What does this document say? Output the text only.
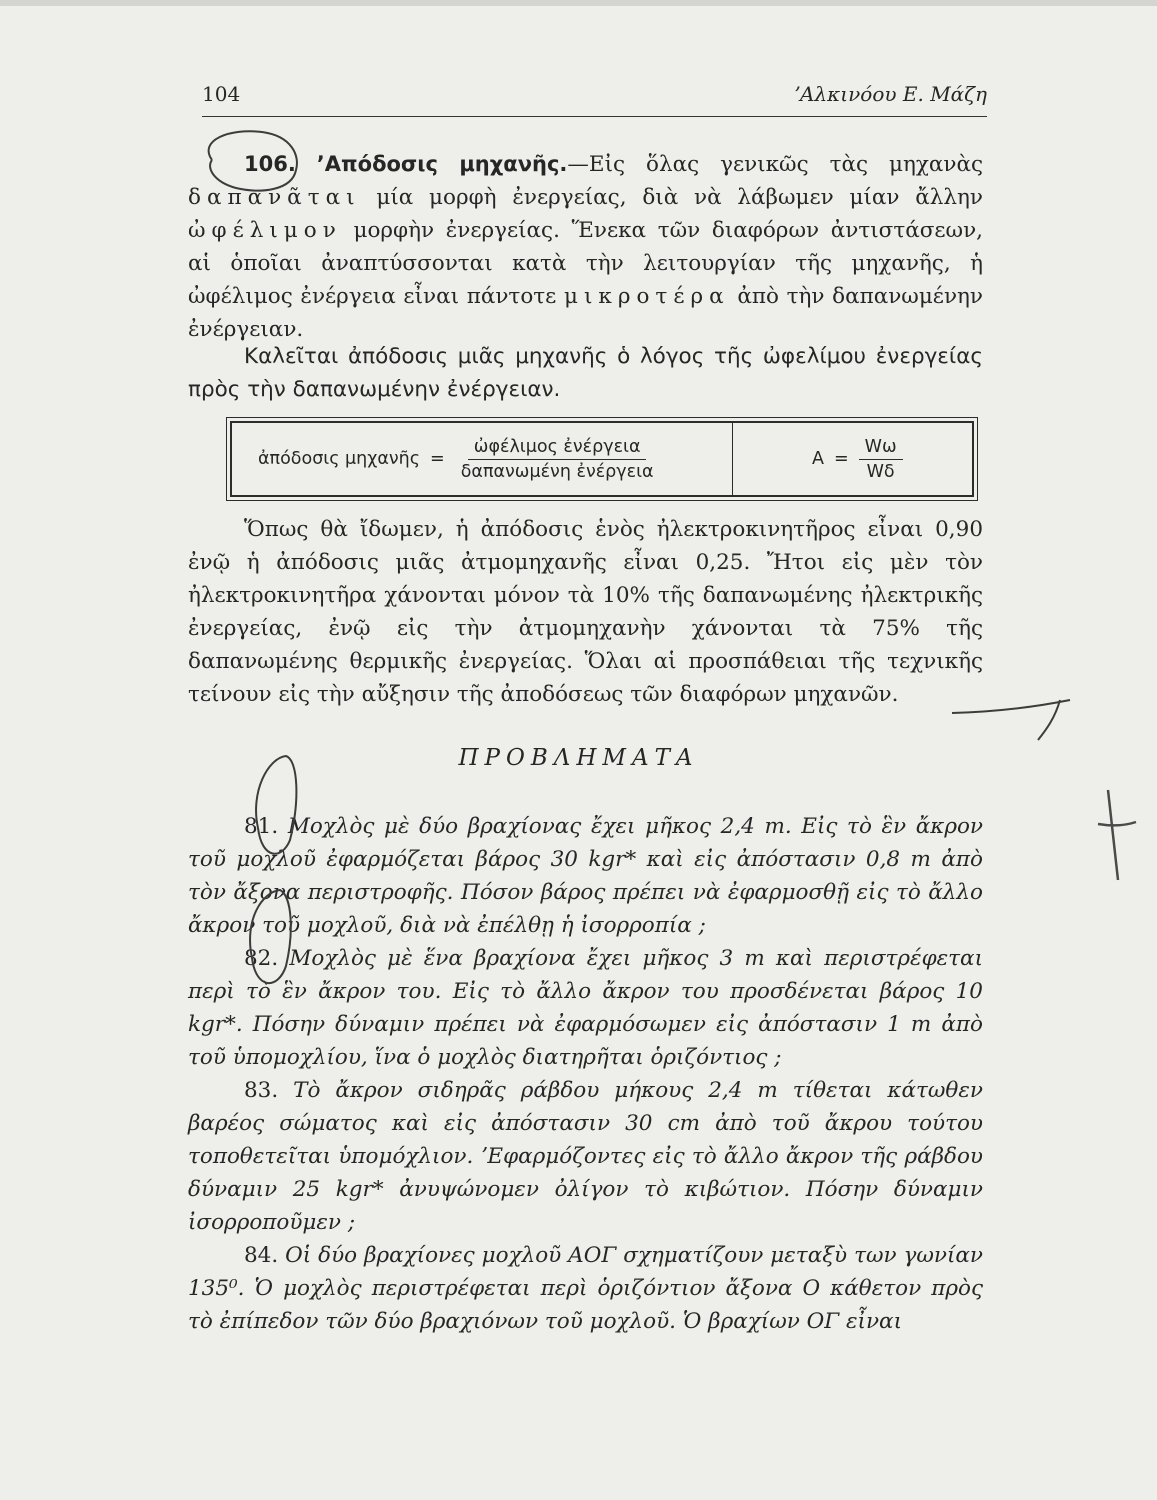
104	ʼΑλκινόου Ε. Μάζη

106. ʼΑπόδοσις μηχανῆς.—Εἰς ὅλας γενικῶς τὰς μηχανὰς δαπανᾶται μία μορφὴ ἐνεργείας, διὰ νὰ λάβωμεν μίαν ἄλλην ὠφέλιμον μορφὴν ἐνεργείας. Ἕνεκα τῶν διαφόρων ἀντιστάσεων, αἱ ὁποῖαι ἀναπτύσσονται κατὰ τὴν λειτουργίαν τῆς μηχανῆς, ἡ ὠφέλιμος ἐνέργεια εἶναι πάντοτε μικροτέρα ἀπὸ τὴν δαπανωμένην ἐνέργειαν.

Καλεῖται ἀπόδοσις μιᾶς μηχανῆς ὁ λόγος τῆς ὠφελίμου ἐνεργείας πρὸς τὴν δαπανωμένην ἐνέργειαν.

ἀπόδοσις μηχανῆς = $\frac{\text{ὠφέλιμος ἐνέργεια}}{\text{δαπανωμένη ἐνέργεια}}$	$A = \frac{W\omega}{W\delta}$

Ὅπως θὰ ἴδωμεν, ἡ ἀπόδοσις ἑνὸς ἠλεκτροκινητῆρος εἶναι 0,90 ἐνῷ ἡ ἀπόδοσις μιᾶς ἀτμομηχανῆς εἶναι 0,25. Ἤτοι εἰς μὲν τὸν ἠλεκτροκινητῆρα χάνονται μόνον τὰ 10% τῆς δαπανωμένης ἠλεκτρικῆς ἐνεργείας, ἐνῷ εἰς τὴν ἀτμομηχανὴν χάνονται τὰ 75% τῆς δαπανωμένης θερμικῆς ἐνεργείας. Ὅλαι αἱ προσπάθειαι τῆς τεχνικῆς τείνουν εἰς τὴν αὔξησιν τῆς ἀποδόσεως τῶν διαφόρων μηχανῶν.

ΠΡΟΒΛΗΜΑΤΑ

81. Μοχλὸς μὲ δύο βραχίονας ἔχει μῆκος 2,4 m. Εἰς τὸ ἓν ἄκρον τοῦ μοχλοῦ ἐφαρμόζεται βάρος 30 kgr* καὶ εἰς ἀπόστασιν 0,8 m ἀπὸ τὸν ἄξονα περιστροφῆς. Πόσον βάρος πρέπει νὰ ἐφαρμοσθῇ εἰς τὸ ἄλλο ἄκρον τοῦ μοχλοῦ, διὰ νὰ ἐπέλθῃ ἡ ἰσορροπία ;

82. Μοχλὸς μὲ ἕνα βραχίονα ἔχει μῆκος 3 m καὶ περιστρέφεται περὶ τὸ ἓν ἄκρον του. Εἰς τὸ ἄλλο ἄκρον του προσδένεται βάρος 10 kgr*. Πόσην δύναμιν πρέπει νὰ ἐφαρμόσωμεν εἰς ἀπόστασιν 1 m ἀπὸ τοῦ ὑπομοχλίου, ἵνα ὁ μοχλὸς διατηρῆται ὁριζόντιος ;

83. Τὸ ἄκρον σιδηρᾶς ράβδου μήκους 2,4 m τίθεται κάτωθεν βαρέος σώματος καὶ εἰς ἀπόστασιν 30 cm ἀπὸ τοῦ ἄκρου τούτου τοποθετεῖται ὑπομόχλιον. ʼΕφαρμόζοντες εἰς τὸ ἄλλο ἄκρον τῆς ράβδου δύναμιν 25 kgr* ἀνυψώνομεν ὀλίγον τὸ κιβώτιον. Πόσην δύναμιν ἰσορροποῦμεν ;

84. Οἱ δύο βραχίονες μοχλοῦ ΑΟΓ σχηματίζουν μεταξὺ των γωνίαν 135⁰. Ὁ μοχλὸς περιστρέφεται περὶ ὁριζόντιον ἄξονα Ο κάθετον πρὸς τὸ ἐπίπεδον τῶν δύο βραχιόνων τοῦ μοχλοῦ. Ὁ βραχίων ΟΓ εἶναι
